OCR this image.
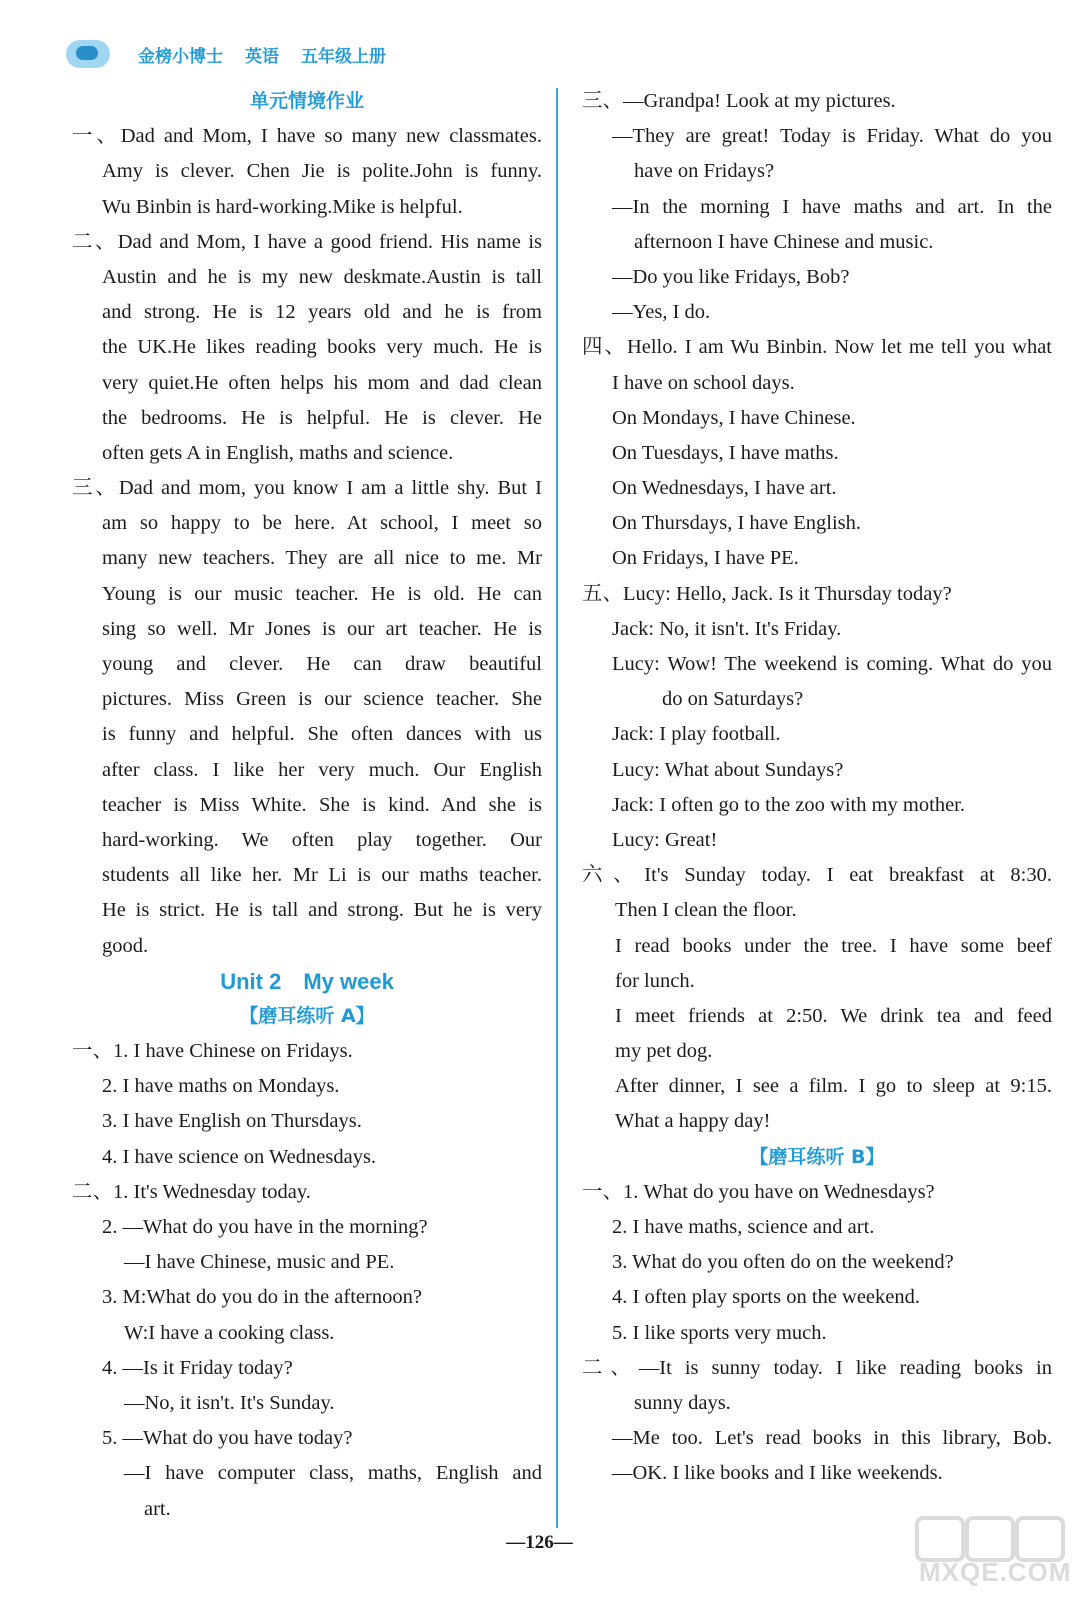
金榜小博士 英语 五年级上册
单元情境作业
一、Dad and Mom, I have so many new classmates.
Amy is clever. Chen Jie is polite.John is funny.
Wu Binbin is hard-working.Mike is helpful.
二、Dad and Mom, I have a good friend. His name is
Austin and he is my new deskmate.Austin is tall
and strong. He is 12 years old and he is from
the UK.He likes reading books very much. He is
very quiet.He often helps his mom and dad clean
the bedrooms. He is helpful. He is clever. He
often gets A in English, maths and science.
三、Dad and mom, you know I am a little shy. But I
am so happy to be here. At school, I meet so
many new teachers. They are all nice to me. Mr
Young is our music teacher. He is old. He can
sing so well. Mr Jones is our art teacher. He is
young and clever. He can draw beautiful
pictures. Miss Green is our science teacher. She
is funny and helpful. She often dances with us
after class. I like her very much. Our English
teacher is Miss White. She is kind. And she is
hard-working. We often play together. Our
students all like her. Mr Li is our maths teacher.
He is strict. He is tall and strong. But he is very
good.
Unit 2 My week
【磨耳练听 A】
一、1. I have Chinese on Fridays.
2. I have maths on Mondays.
3. I have English on Thursdays.
4. I have science on Wednesdays.
二、1. It's Wednesday today.
2. —What do you have in the morning?
—I have Chinese, music and PE.
3. M:What do you do in the afternoon?
W:I have a cooking class.
4. —Is it Friday today?
—No, it isn't. It's Sunday.
5. —What do you have today?
—I have computer class, maths, English and
art.
三、—Grandpa! Look at my pictures.
—They are great! Today is Friday. What do you
have on Fridays?
—In the morning I have maths and art. In the
afternoon I have Chinese and music.
—Do you like Fridays, Bob?
—Yes, I do.
四、Hello. I am Wu Binbin. Now let me tell you what
I have on school days.
On Mondays, I have Chinese.
On Tuesdays, I have maths.
On Wednesdays, I have art.
On Thursdays, I have English.
On Fridays, I have PE.
五、Lucy: Hello, Jack. Is it Thursday today?
Jack: No, it isn't. It's Friday.
Lucy: Wow! The weekend is coming. What do you
do on Saturdays?
Jack: I play football.
Lucy: What about Sundays?
Jack: I often go to the zoo with my mother.
Lucy: Great!
六、It's Sunday today. I eat breakfast at 8:30.
Then I clean the floor.
I read books under the tree. I have some beef
for lunch.
I meet friends at 2:50. We drink tea and feed
my pet dog.
After dinner, I see a film. I go to sleep at 9:15.
What a happy day!
【磨耳练听 B】
一、1. What do you have on Wednesdays?
2. I have maths, science and art.
3. What do you often do on the weekend?
4. I often play sports on the weekend.
5. I like sports very much.
二、—It is sunny today. I like reading books in
sunny days.
—Me too. Let's read books in this library, Bob.
—OK. I like books and I like weekends.
—126—
MXQE.COM
